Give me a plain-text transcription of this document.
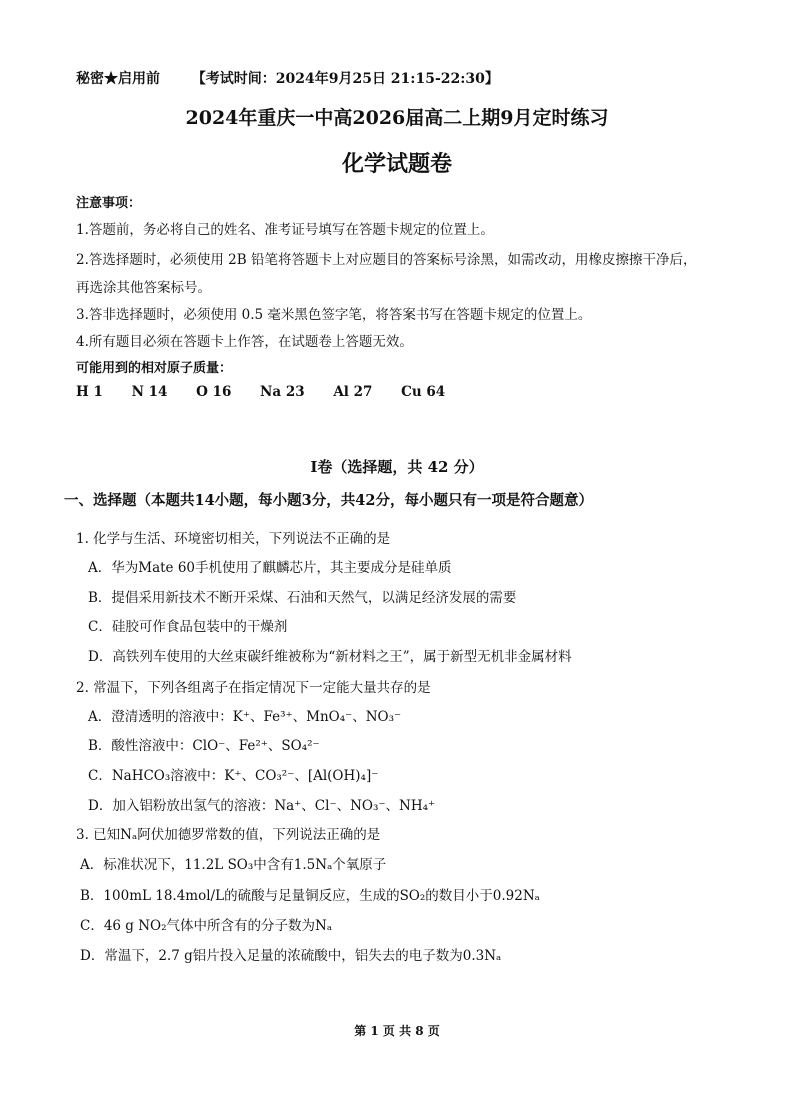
秘密★启用前 【考试时间：2024年9月25日 21:15-22:30】
2024年重庆一中高2026届高二上期9月定时练习
化学试题卷
注意事项：
1.答题前，务必将自己的姓名、准考证号填写在答题卡规定的位置上。
2.答选择题时，必须使用 2B 铅笔将答题卡上对应题目的答案标号涂黑，如需改动，用橡皮擦擦干净后，
再选涂其他答案标号。
3.答非选择题时，必须使用 0.5 毫米黑色签字笔，将答案书写在答题卡规定的位置上。
4.所有题目必须在答题卡上作答，在试题卷上答题无效。
可能用到的相对原子质量：
H 1 N 14 O 16 Na 23 Al 27 Cu 64
Ⅰ卷（选择题，共 42 分）
一、选择题（本题共14小题，每小题3分，共42分，每小题只有一项是符合题意）
1. 化学与生活、环境密切相关，下列说法不正确的是
A．华为Mate 60手机使用了麒麟芯片，其主要成分是硅单质
B．提倡采用新技术不断开采煤、石油和天然气，以满足经济发展的需要
C．硅胶可作食品包装中的干燥剂
D．高铁列车使用的大丝束碳纤维被称为“新材料之王”，属于新型无机非金属材料
2. 常温下，下列各组离子在指定情况下一定能大量共存的是
A．澄清透明的溶液中：K⁺、Fe³⁺、MnO₄⁻、NO₃⁻
B．酸性溶液中：ClO⁻、Fe²⁺、SO₄²⁻
C．NaHCO₃溶液中：K⁺、CO₃²⁻、[Al(OH)₄]⁻
D．加入铝粉放出氢气的溶液：Na⁺、Cl⁻、NO₃⁻、NH₄⁺
3. 已知Nₐ阿伏加德罗常数的值，下列说法正确的是
A．标准状况下，11.2L SO₃中含有1.5Nₐ个氧原子
B．100mL 18.4mol/L的硫酸与足量铜反应，生成的SO₂的数目小于0.92Nₐ
C．46 g NO₂气体中所含有的分子数为Nₐ
D．常温下，2.7 g铝片投入足量的浓硫酸中，铝失去的电子数为0.3Nₐ
第 1 页 共 8 页
